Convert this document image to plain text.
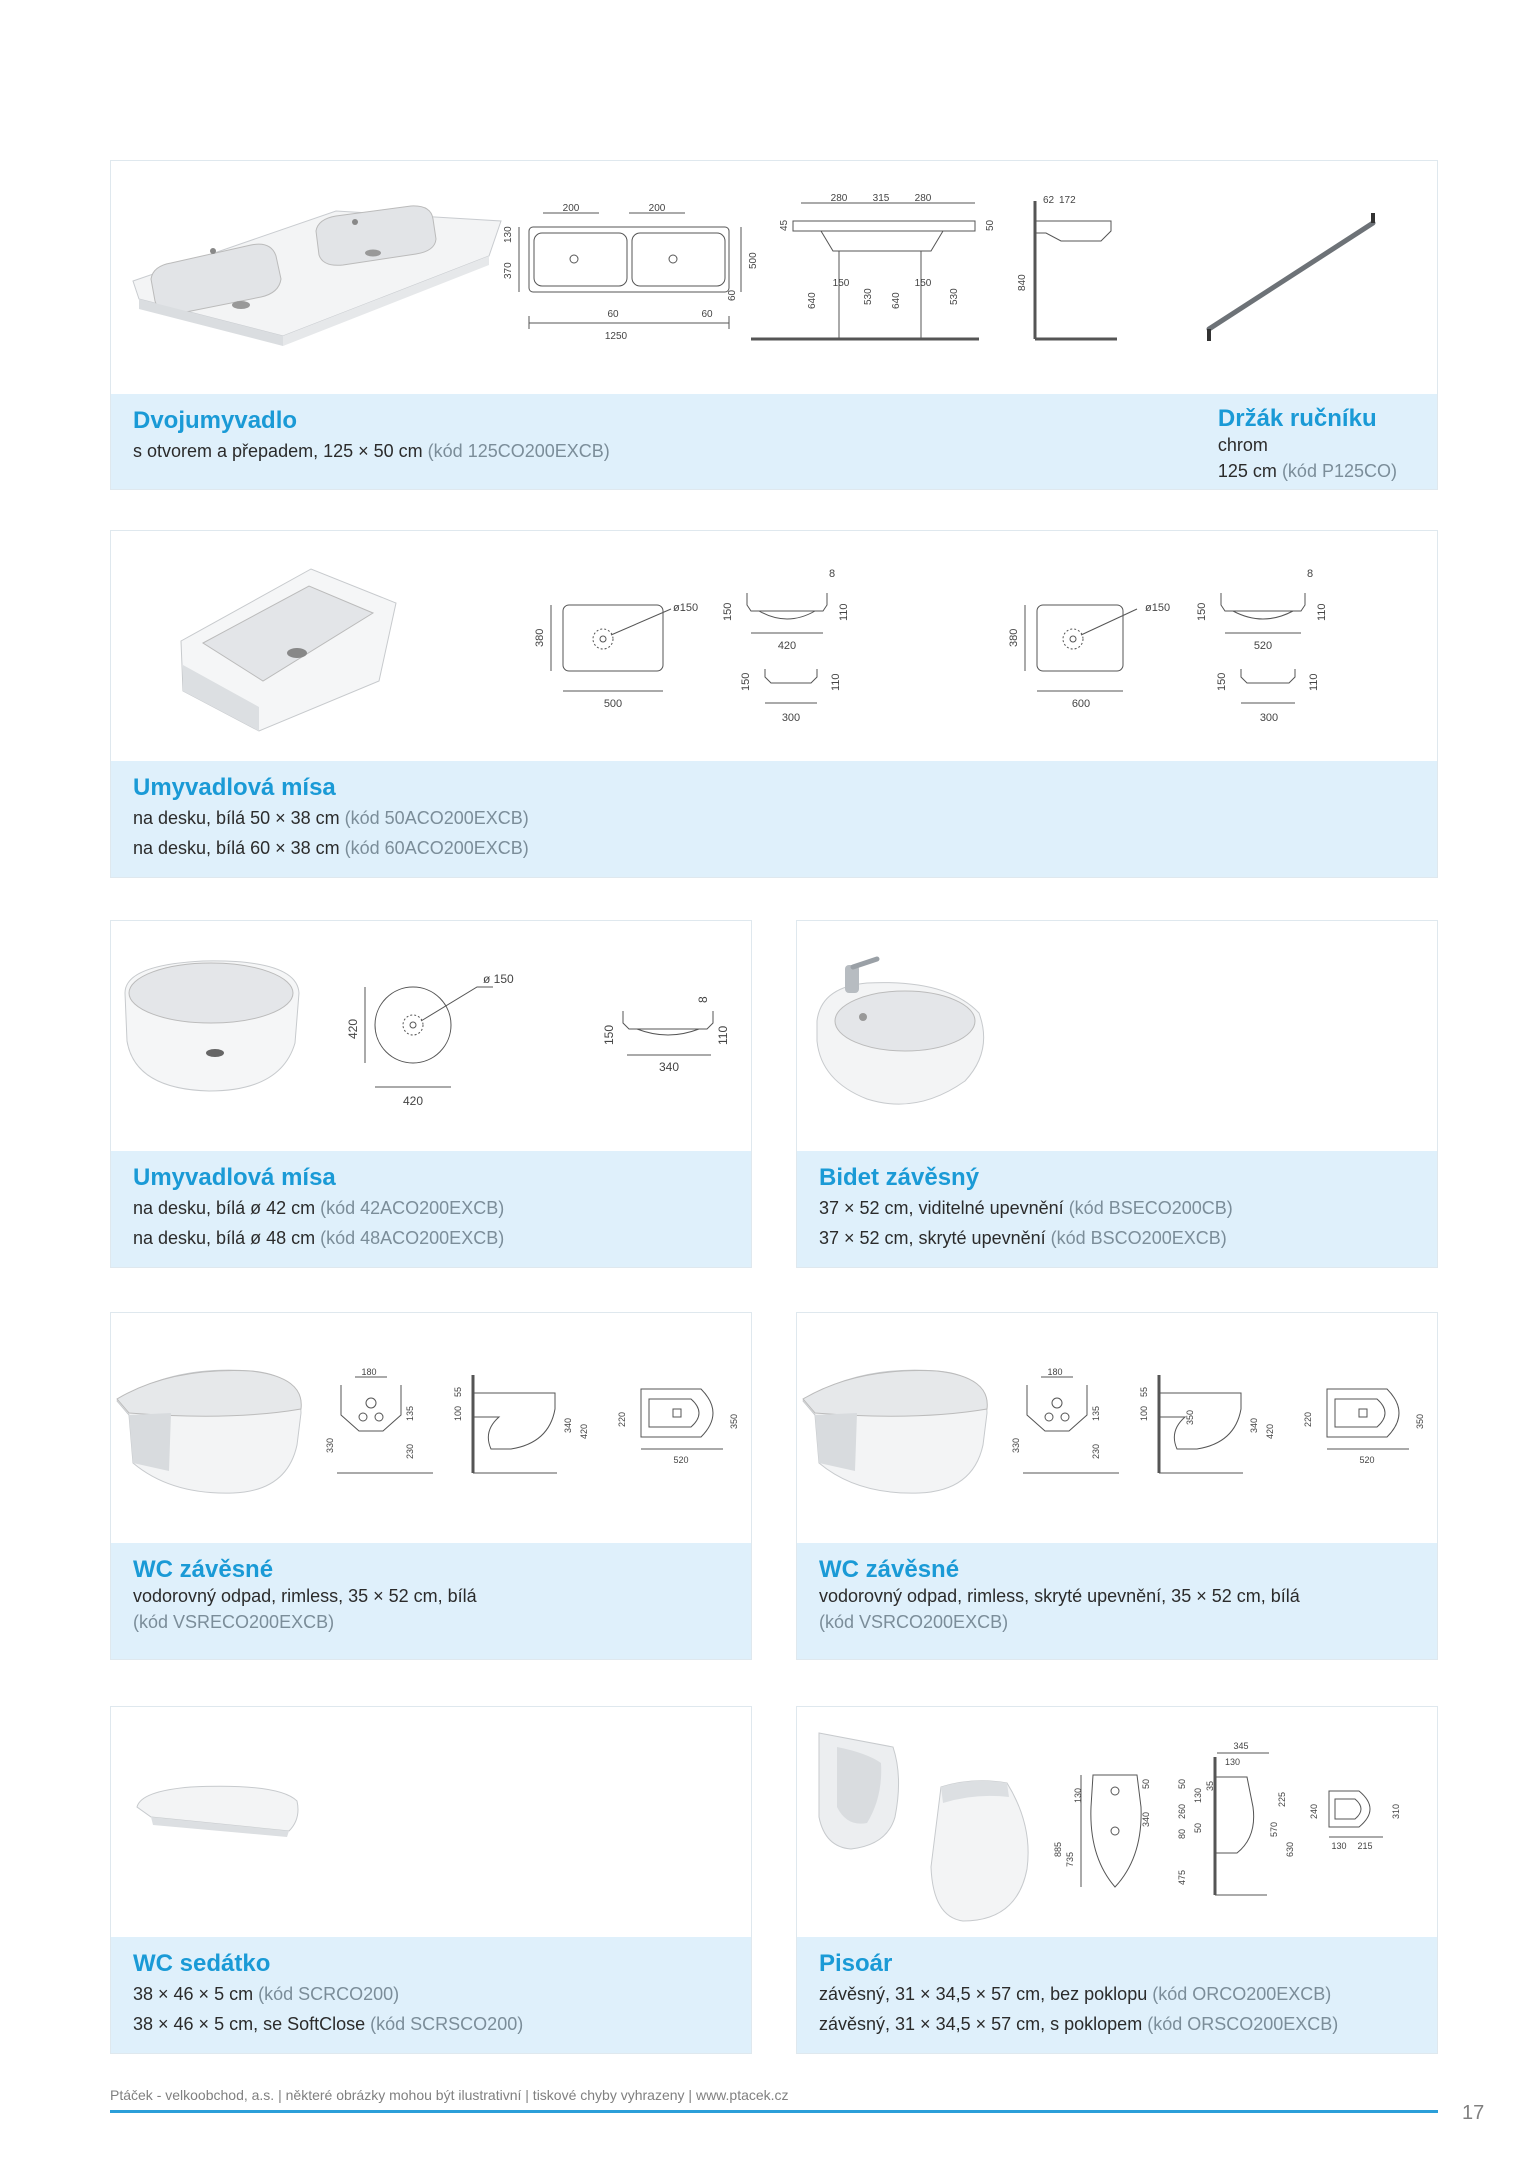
200	200
370
130
500
60	60
60
1250
280	315	280
45	50
150	150
640	530 640	530
62 172
840
Dvojumyvadlo
s otvorem a přepadem, 125 × 50 cm (kód 125CO200EXCB)
Držák ručníku
chrom
125 cm (kód P125CO)
380
500
ø150 150
8
110
420
150	110
300
380
600
ø150 150
8
110
520
150	110
300
Umyvadlová mísa
na desku, bílá 50 × 38 cm (kód 50ACO200EXCB)
na desku, bílá 60 × 38 cm (kód 60ACO200EXCB)
420
420
ø 150
150
8
110
340
Umyvadlová mísa
na desku, bílá ø 42 cm (kód 42ACO200EXCB)
na desku, bílá ø 48 cm (kód 48ACO200EXCB)
Bidet závěsný
37 × 52 cm, viditelné upevnění (kód BSECO200CB)
37 × 52 cm, skryté upevnění (kód BSCO200EXCB)
180
330	230
135	100
55
340 420
220	350
520
WC závěsné
vodorovný odpad, rimless, 35 × 52 cm, bílá
(kód VSRECO200EXCB)
180
330	230
135	100
55
350
340 420
220	350
520
WC závěsné
vodorovný odpad, rimless, skryté upevnění, 35 × 52 cm, bílá
(kód VSRCO200EXCB)
WC sedátko
38 × 46 × 5 cm (kód SCRCO200)
38 × 46 × 5 cm, se SoftClose (kód SCRSCO200)
130
50
340
885
735
345
130
50
130
35
260
80
50
225
570
630
475
240	310
130 215
Pisoár
závěsný, 31 × 34,5 × 57 cm, bez poklopu (kód ORCO200EXCB)
závěsný, 31 × 34,5 × 57 cm, s poklopem (kód ORSCO200EXCB)
Ptáček - velkoobchod, a.s. | některé obrázky mohou být ilustrativní | tiskové chyby vyhrazeny | www.ptacek.cz
17
